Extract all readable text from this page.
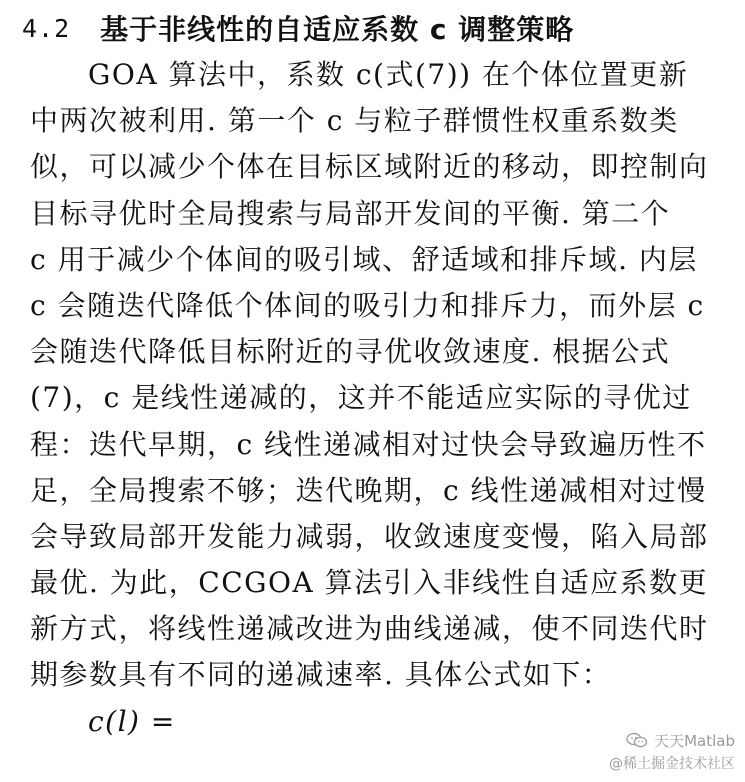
4.2 基于非线性的自适应系数 c 调整策略
GOA 算法中，系数 c(式(7)) 在个体位置更新
中两次被利用. 第一个 c 与粒子群惯性权重系数类
似，可以减少个体在目标区域附近的移动，即控制向
目标寻优时全局搜索与局部开发间的平衡. 第二个
c 用于减少个体间的吸引域、舒适域和排斥域. 内层
c 会随迭代降低个体间的吸引力和排斥力，而外层 c
会随迭代降低目标附近的寻优收敛速度. 根据公式
(7)，c 是线性递减的，这并不能适应实际的寻优过
程：迭代早期，c 线性递减相对过快会导致遍历性不
足，全局搜索不够；迭代晚期，c 线性递减相对过慢
会导致局部开发能力减弱，收敛速度变慢，陷入局部
最优. 为此，CCGOA 算法引入非线性自适应系数更
新方式，将线性递减改进为曲线递减，使不同迭代时
期参数具有不同的递减速率. 具体公式如下：
c(l) =
天天Matlab
@稀土掘金技术社区
